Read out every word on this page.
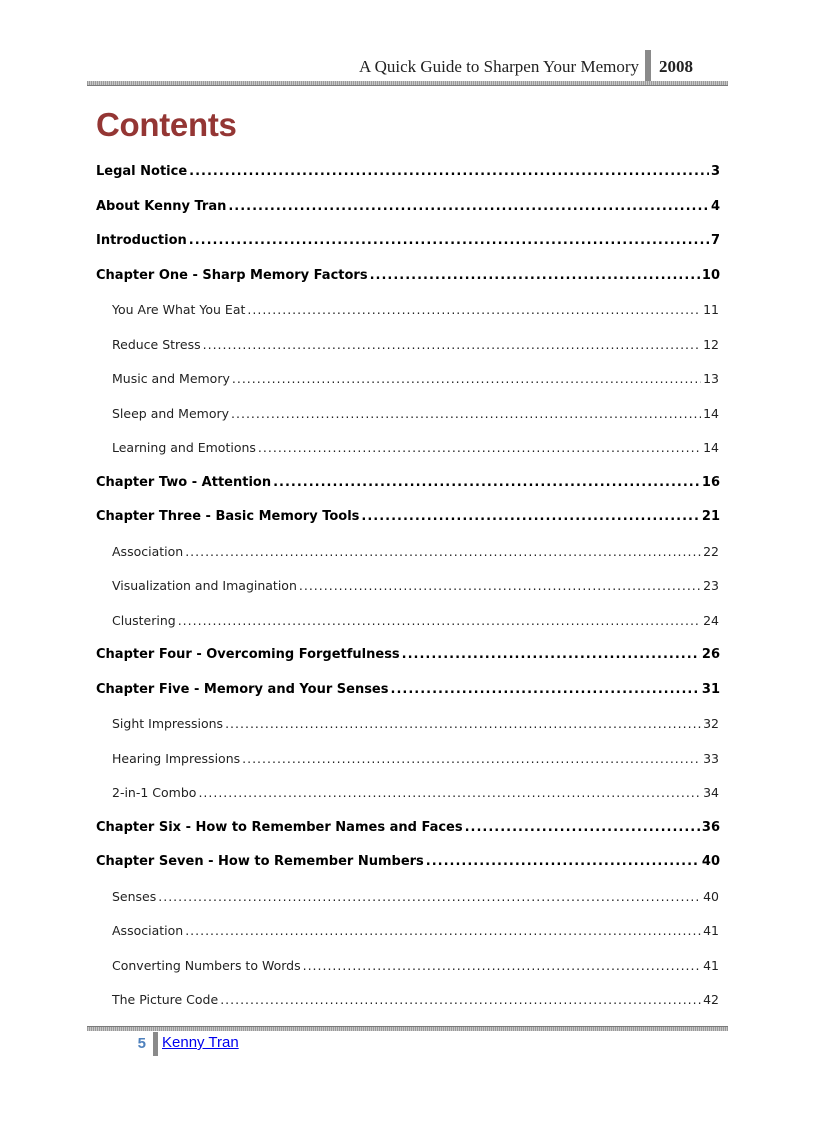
A Quick Guide to Sharpen Your Memory 2008
Contents
Legal Notice .....	3
About Kenny Tran .....	4
Introduction .....	7
Chapter One - Sharp Memory Factors .....	10
You Are What You Eat .....	11
Reduce Stress .....	12
Music and Memory .....	13
Sleep and Memory .....	14
Learning and Emotions .....	14
Chapter Two - Attention .....	16
Chapter Three - Basic Memory Tools .....	21
Association .....	22
Visualization and Imagination .....	23
Clustering .....	24
Chapter Four - Overcoming Forgetfulness .....	26
Chapter Five - Memory and Your Senses .....	31
Sight Impressions .....	32
Hearing Impressions .....	33
2-in-1 Combo .....	34
Chapter Six - How to Remember Names and Faces .....	36
Chapter Seven - How to Remember Numbers .....	40
Senses .....	40
Association .....	41
Converting Numbers to Words .....	41
The Picture Code .....	42
5 Kenny Tran
